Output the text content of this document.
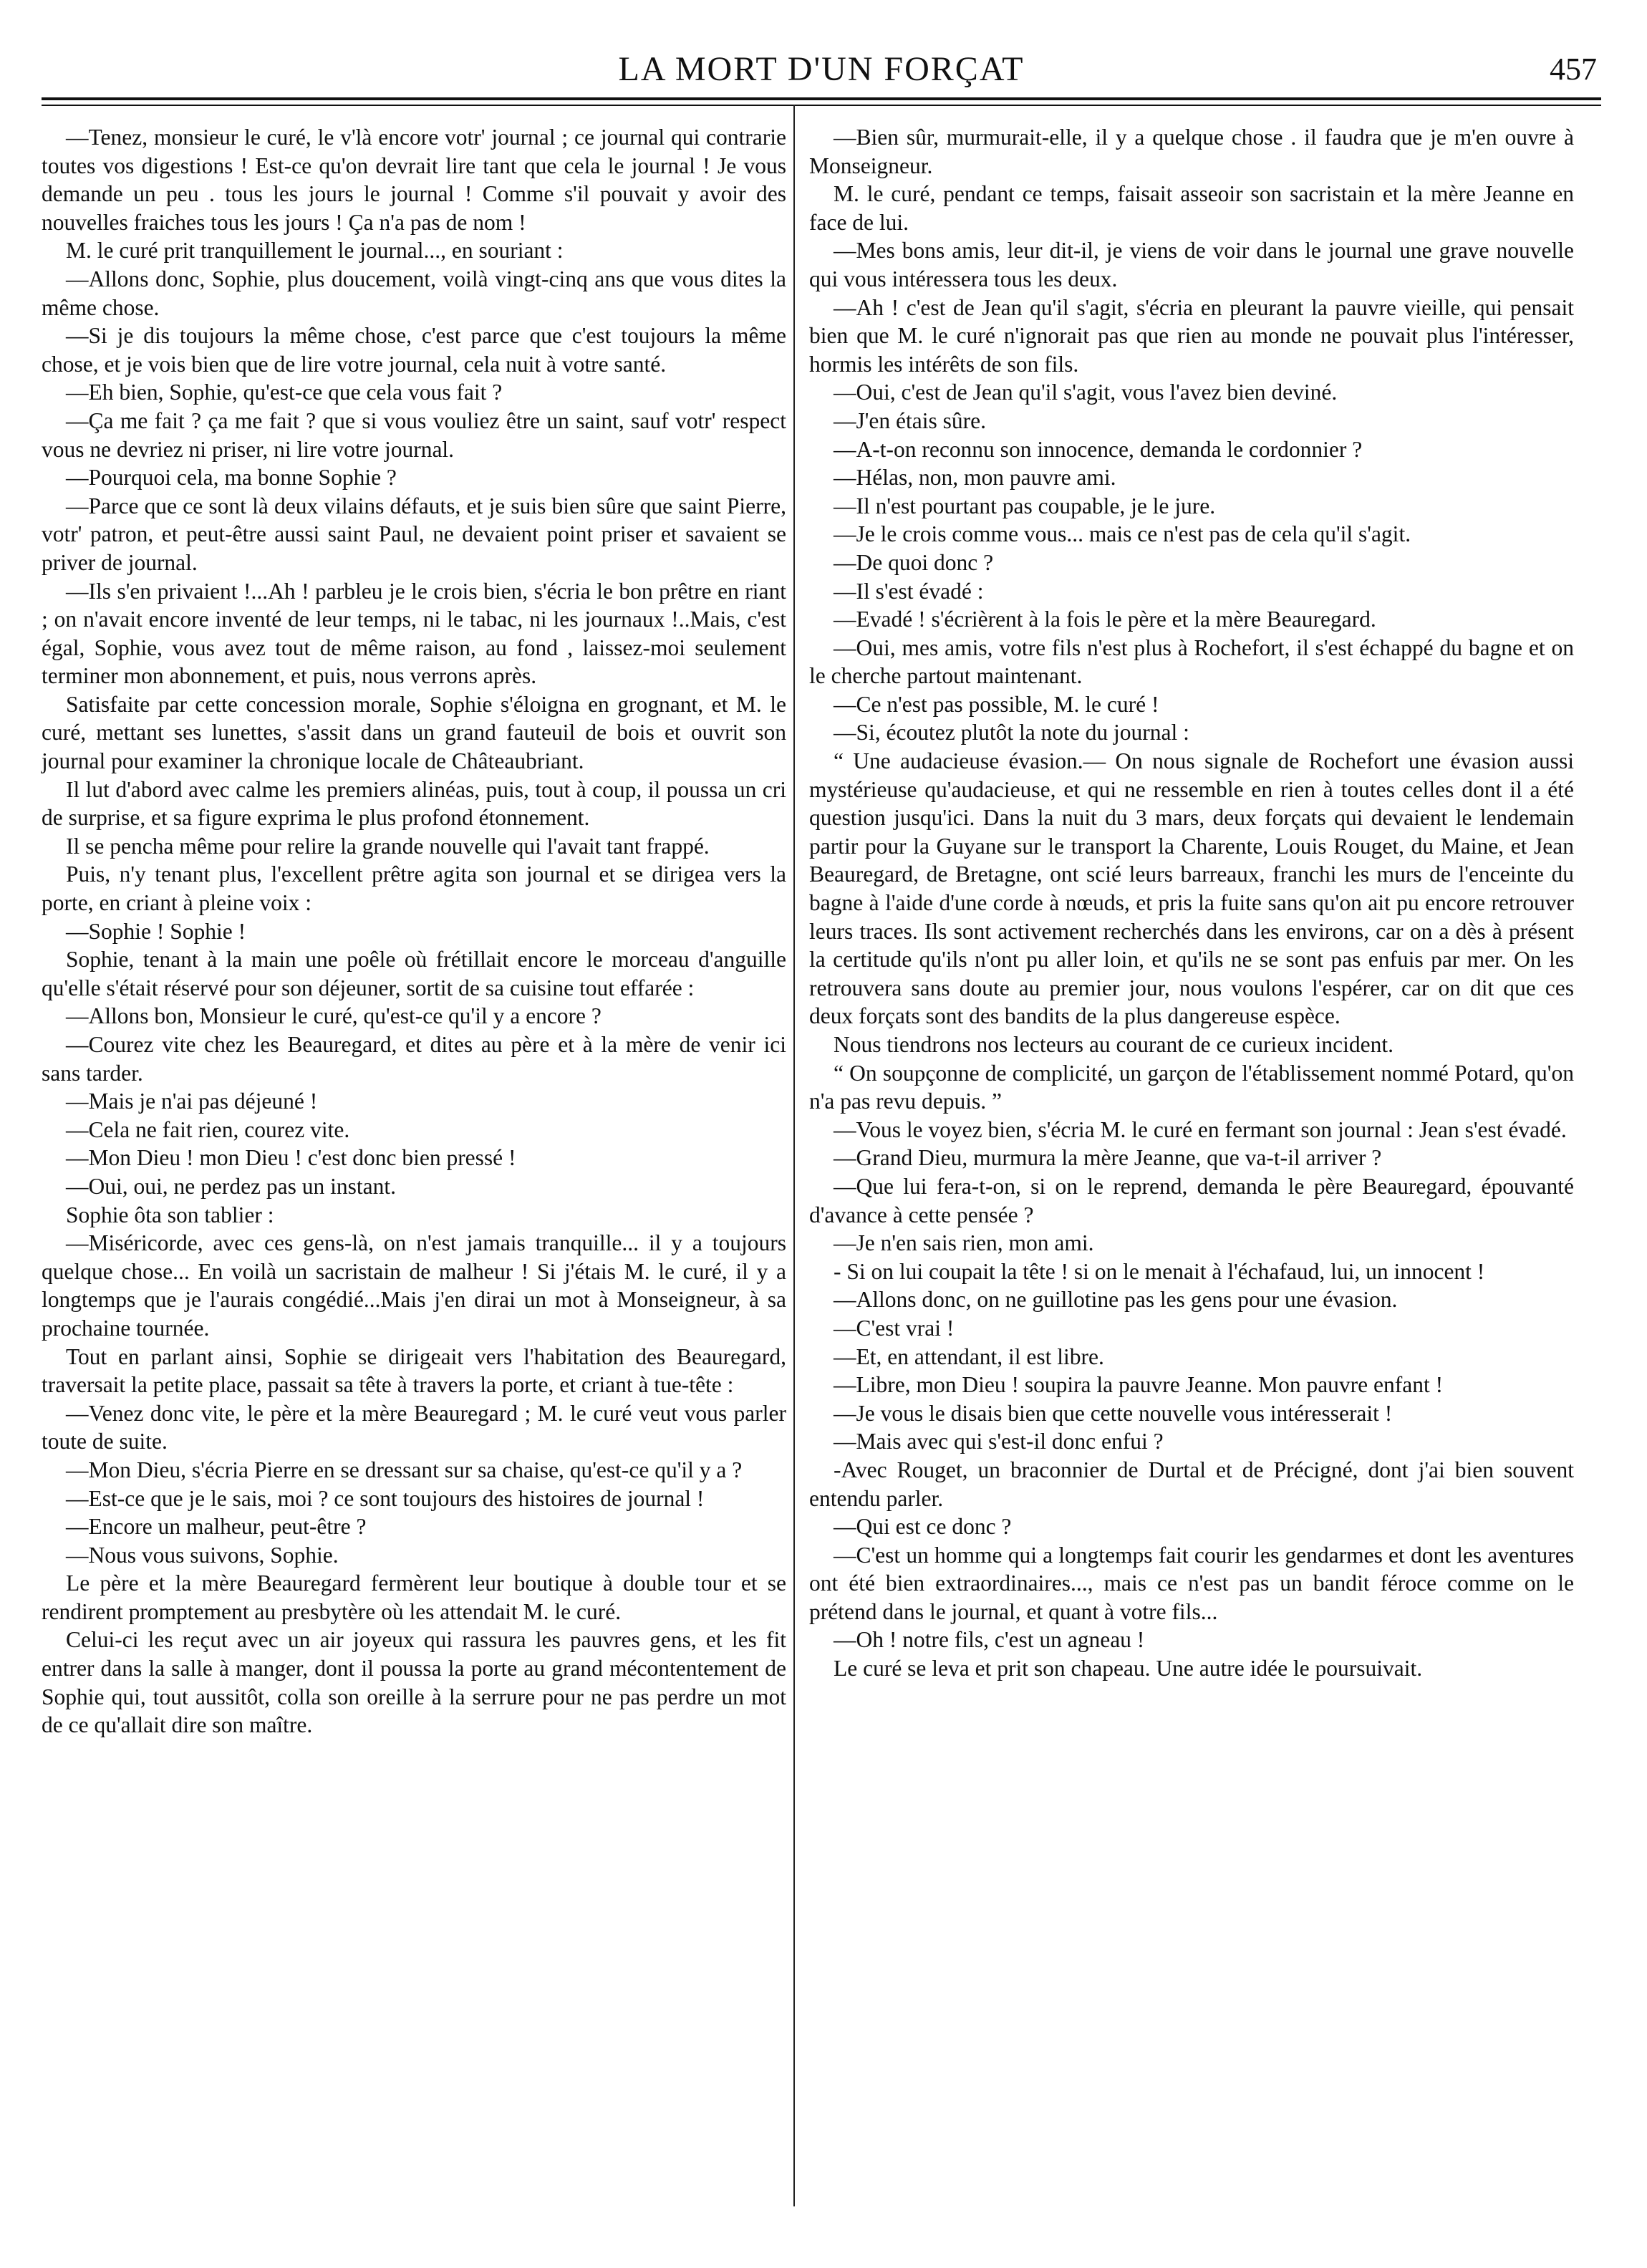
LA MORT D'UN FORÇAT	457

—Tenez, monsieur le curé, le v'là encore votr' journal ; ce journal qui contrarie toutes vos digestions ! Est-ce qu'on devrait lire tant que cela le journal ! Je vous demande un peu . tous les jours le journal ! Comme s'il pouvait y avoir des nouvelles fraiches tous les jours ! Ça n'a pas de nom !

M. le curé prit tranquillement le journal..., en souriant :

—Allons donc, Sophie, plus doucement, voilà vingt-cinq ans que vous dites la même chose.

—Si je dis toujours la même chose, c'est parce que c'est toujours la même chose, et je vois bien que de lire votre journal, cela nuit à votre santé.

—Eh bien, Sophie, qu'est-ce que cela vous fait ?

—Ça me fait ? ça me fait ? que si vous vouliez être un saint, sauf votr' respect vous ne devriez ni priser, ni lire votre journal.

—Pourquoi cela, ma bonne Sophie ?

—Parce que ce sont là deux vilains défauts, et je suis bien sûre que saint Pierre, votr' patron, et peut-être aussi saint Paul, ne devaient point priser et savaient se priver de journal.

—Ils s'en privaient !...Ah ! parbleu je le crois bien, s'écria le bon prêtre en riant ; on n'avait encore inventé de leur temps, ni le tabac, ni les journaux !..Mais, c'est égal, Sophie, vous avez tout de même raison, au fond , laissez-moi seulement terminer mon abonnement, et puis, nous verrons après.

Satisfaite par cette concession morale, Sophie s'éloigna en grognant, et M. le curé, mettant ses lunettes, s'assit dans un grand fauteuil de bois et ouvrit son journal pour examiner la chronique locale de Châteaubriant.

Il lut d'abord avec calme les premiers alinéas, puis, tout à coup, il poussa un cri de surprise, et sa figure exprima le plus profond étonnement.

Il se pencha même pour relire la grande nouvelle qui l'avait tant frappé.

Puis, n'y tenant plus, l'excellent prêtre agita son journal et se dirigea vers la porte, en criant à pleine voix :

—Sophie ! Sophie !

Sophie, tenant à la main une poêle où frétillait encore le morceau d'anguille qu'elle s'était réservé pour son déjeuner, sortit de sa cuisine tout effarée :

—Allons bon, Monsieur le curé, qu'est-ce qu'il y a encore ?

—Courez vite chez les Beauregard, et dites au père et à la mère de venir ici sans tarder.

—Mais je n'ai pas déjeuné !

—Cela ne fait rien, courez vite.

—Mon Dieu ! mon Dieu ! c'est donc bien pressé !

—Oui, oui, ne perdez pas un instant.

Sophie ôta son tablier :

—Miséricorde, avec ces gens-là, on n'est jamais tranquille... il y a toujours quelque chose... En voilà un sacristain de malheur ! Si j'étais M. le curé, il y a longtemps que je l'aurais congédié...Mais j'en dirai un mot à Monseigneur, à sa prochaine tournée.

Tout en parlant ainsi, Sophie se dirigeait vers l'habitation des Beauregard, traversait la petite place, passait sa tête à travers la porte, et criant à tue-tête :

—Venez donc vite, le père et la mère Beauregard ; M. le curé veut vous parler toute de suite.

—Mon Dieu, s'écria Pierre en se dressant sur sa chaise, qu'est-ce qu'il y a ?

—Est-ce que je le sais, moi ? ce sont toujours des histoires de journal !

—Encore un malheur, peut-être ?

—Nous vous suivons, Sophie.

Le père et la mère Beauregard fermèrent leur boutique à double tour et se rendirent promptement au presbytère où les attendait M. le curé.

Celui-ci les reçut avec un air joyeux qui rassura les pauvres gens, et les fit entrer dans la salle à manger, dont il poussa la porte au grand mécontentement de Sophie qui, tout aussitôt, colla son oreille à la serrure pour ne pas perdre un mot de ce qu'allait dire son maître.

—Bien sûr, murmurait-elle, il y a quelque chose . il faudra que je m'en ouvre à Monseigneur.

M. le curé, pendant ce temps, faisait asseoir son sacristain et la mère Jeanne en face de lui.

—Mes bons amis, leur dit-il, je viens de voir dans le journal une grave nouvelle qui vous intéressera tous les deux.

—Ah ! c'est de Jean qu'il s'agit, s'écria en pleurant la pauvre vieille, qui pensait bien que M. le curé n'ignorait pas que rien au monde ne pouvait plus l'intéresser, hormis les intérêts de son fils.

—Oui, c'est de Jean qu'il s'agit, vous l'avez bien deviné.

—J'en étais sûre.

—A-t-on reconnu son innocence, demanda le cordonnier ?

—Hélas, non, mon pauvre ami.

—Il n'est pourtant pas coupable, je le jure.

—Je le crois comme vous... mais ce n'est pas de cela qu'il s'agit.

—De quoi donc ?

—Il s'est évadé :

—Evadé ! s'écrièrent à la fois le père et la mère Beauregard.

—Oui, mes amis, votre fils n'est plus à Rochefort, il s'est échappé du bagne et on le cherche partout maintenant.

—Ce n'est pas possible, M. le curé !

—Si, écoutez plutôt la note du journal :

“ Une audacieuse évasion.— On nous signale de Rochefort une évasion aussi mystérieuse qu'audacieuse, et qui ne ressemble en rien à toutes celles dont il a été question jusqu'ici. Dans la nuit du 3 mars, deux forçats qui devaient le lendemain partir pour la Guyane sur le transport la Charente, Louis Rouget, du Maine, et Jean Beauregard, de Bretagne, ont scié leurs barreaux, franchi les murs de l'enceinte du bagne à l'aide d'une corde à nœuds, et pris la fuite sans qu'on ait pu encore retrouver leurs traces. Ils sont activement recherchés dans les environs, car on a dès à présent la certitude qu'ils n'ont pu aller loin, et qu'ils ne se sont pas enfuis par mer. On les retrouvera sans doute au premier jour, nous voulons l'espérer, car on dit que ces deux forçats sont des bandits de la plus dangereuse espèce.

Nous tiendrons nos lecteurs au courant de ce curieux incident.

“ On soupçonne de complicité, un garçon de l'établissement nommé Potard, qu'on n'a pas revu depuis. ”

—Vous le voyez bien, s'écria M. le curé en fermant son journal : Jean s'est évadé.

—Grand Dieu, murmura la mère Jeanne, que va-t-il arriver ?

—Que lui fera-t-on, si on le reprend, demanda le père Beauregard, épouvanté d'avance à cette pensée ?

—Je n'en sais rien, mon ami.

- Si on lui coupait la tête ! si on le menait à l'échafaud, lui, un innocent !

—Allons donc, on ne guillotine pas les gens pour une évasion.

—C'est vrai !

—Et, en attendant, il est libre.

—Libre, mon Dieu ! soupira la pauvre Jeanne. Mon pauvre enfant !

—Je vous le disais bien que cette nouvelle vous intéresserait !

—Mais avec qui s'est-il donc enfui ?

-Avec Rouget, un braconnier de Durtal et de Précigné, dont j'ai bien souvent entendu parler.

—Qui est ce donc ?

—C'est un homme qui a longtemps fait courir les gendarmes et dont les aventures ont été bien extraordinaires..., mais ce n'est pas un bandit féroce comme on le prétend dans le journal, et quant à votre fils...

—Oh ! notre fils, c'est un agneau !

Le curé se leva et prit son chapeau. Une autre idée le poursuivait.
